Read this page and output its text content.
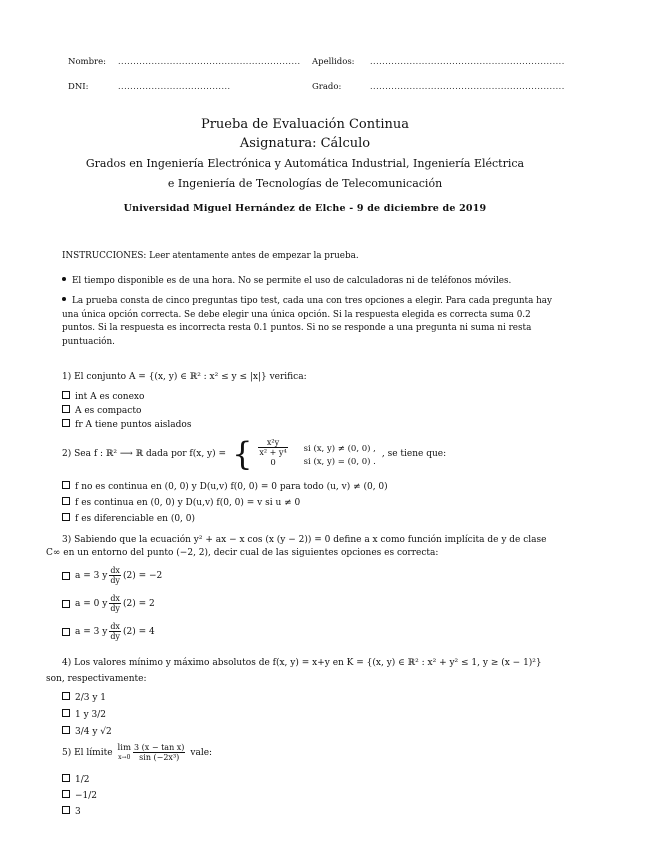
Nombre: ............................................................ Apellidos: ................................................................
DNI:	.....................................	Grado:	................................................................
Prueba de Evaluación Continua
Asignatura: Cálculo
Grados en Ingeniería Electrónica y Automática Industrial, Ingeniería Eléctrica
e Ingeniería de Tecnologías de Telecomunicación
Universidad Miguel Hernández de Elche - 9 de diciembre de 2019
INSTRUCCIONES: Leer atentamente antes de empezar la prueba.
El tiempo disponible es de una hora. No se permite el uso de calculadoras ni de teléfonos móviles.
La prueba consta de cinco preguntas tipo test, cada una con tres opciones a elegir. Para cada pregunta hay una única opción correcta. Se debe elegir una única opción. Si la respuesta elegida es correcta suma 0.2 puntos. Si la respuesta es incorrecta resta 0.1 puntos. Si no se responde a una pregunta ni suma ni resta puntuación.
1) El conjunto A = {(x, y) ∈ ℝ² : x² ≤ y ≤ |x|} verifica:
int A es conexo
A es compacto
fr A tiene puntos aislados
2) Sea f : ℝ² ⟶ ℝ dada por f(x, y) = { $\frac{\text{x²y}}{\text{x² + y⁴}}$
0
si (x, y) ≠ (0, 0) ,
si (x, y) = (0, 0) .
, se tiene que:
f no es continua en (0, 0) y D(u,v) f(0, 0) = 0 para todo (u, v) ≠ (0, 0)
f es continua en (0, 0) y D(u,v) f(0, 0) = v si u ≠ 0
f es diferenciable en (0, 0)
3) Sabiendo que la ecuación y² + ax − x cos (x (y − 2)) = 0 define a x como función implícita de y de clase
C∞ en un entorno del punto (−2, 2), decir cual de las siguientes opciones es correcta:
a = 3 y $\frac{dx}{dy} (2) = -2$
a = 0 y $\frac{dx}{dy} (2) = 2$
a = 3 y $\frac{dx}{dy} (2) = 4$
4) Los valores mínimo y máximo absolutos de f(x, y) = x+y en K = {(x, y) ∈ ℝ² : x² + y² ≤ 1, y ≥ (x − 1)²}
son, respectivamente:
2/3 y 1
1 y 3/2
3/4 y √2
5) El límite lim
$x\to 0 \frac{\text{3 (x − tan x)}}{\text{sin (−2x³)}}$ vale:
1/2
−1/2
3
